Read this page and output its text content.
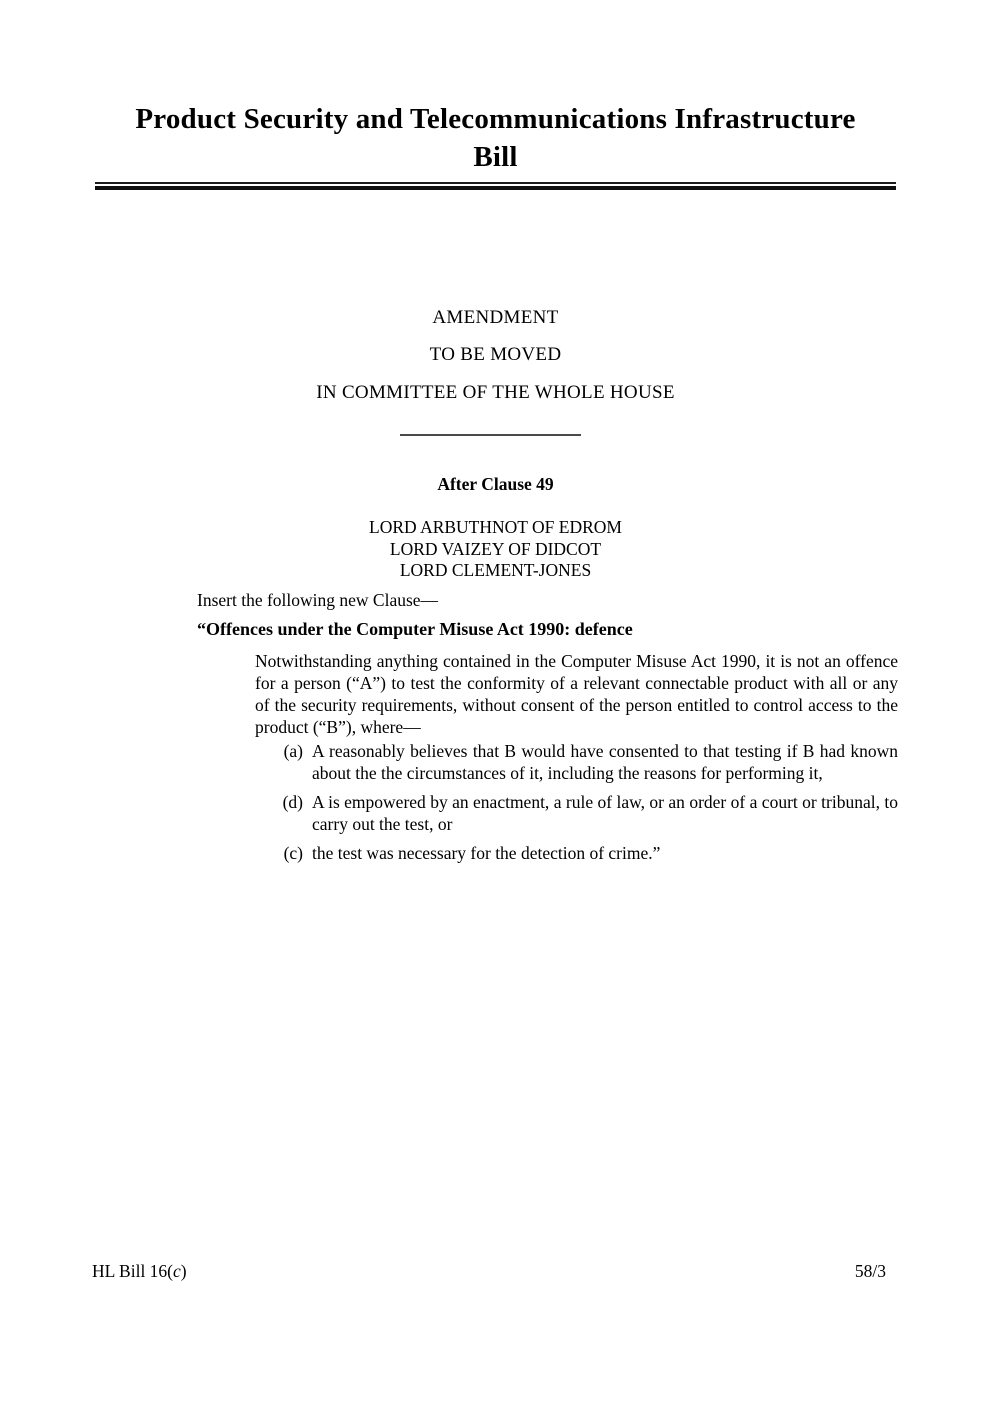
Product Security and Telecommunications Infrastructure
Bill
AMENDMENT
TO BE MOVED
IN COMMITTEE OF THE WHOLE HOUSE
After Clause 49
LORD ARBUTHNOT OF EDROM
LORD VAIZEY OF DIDCOT
LORD CLEMENT-JONES
Insert the following new Clause—
“Offences under the Computer Misuse Act 1990: defence
Notwithstanding anything contained in the Computer Misuse Act 1990, it is not an offence for a person (“A”) to test the conformity of a relevant connectable product with all or any of the security requirements, without consent of the person entitled to control access to the product (“B”), where—
(a) A reasonably believes that B would have consented to that testing if B had known about the the circumstances of it, including the reasons for performing it,
(d) A is empowered by an enactment, a rule of law, or an order of a court or tribunal, to carry out the test, or
(c) the test was necessary for the detection of crime.”
HL Bill 16(c)	58/3
